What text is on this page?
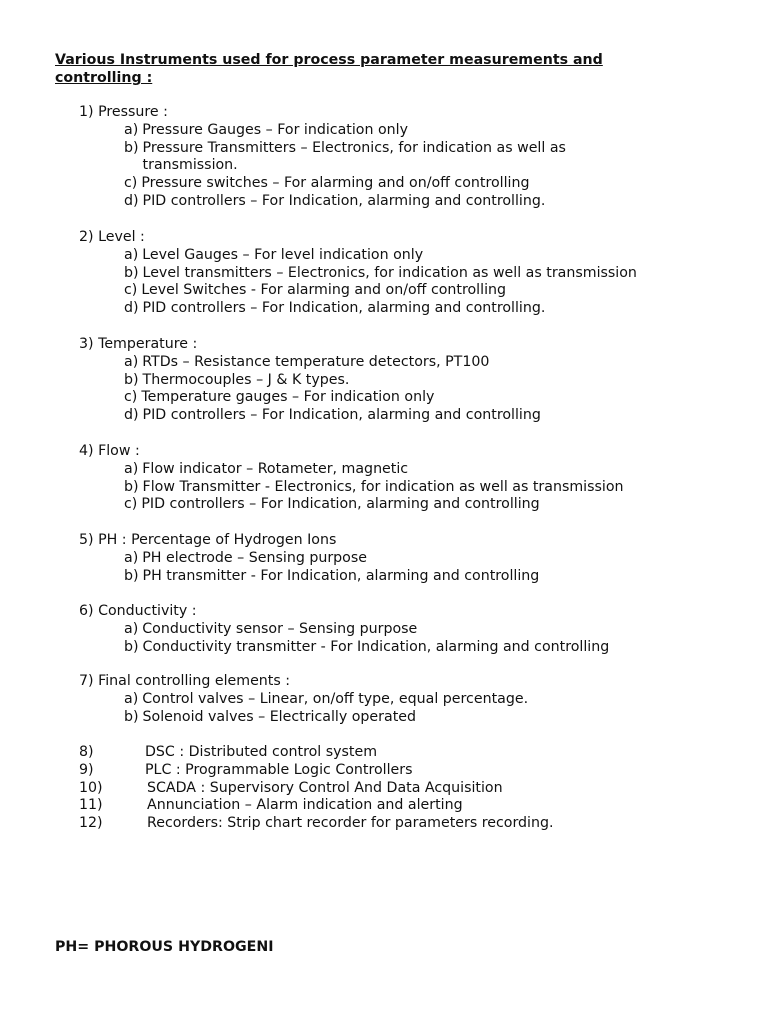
Various Instruments used for process parameter measurements and
controlling :
1) Pressure :
a) Pressure Gauges – For indication only
b) Pressure Transmitters – Electronics, for indication as well as transmission.
c) Pressure switches – For alarming and on/off controlling
d) PID controllers – For Indication, alarming and controlling.
2) Level :
a) Level Gauges – For level indication only
b) Level transmitters – Electronics, for indication as well as transmission
c) Level Switches - For alarming and on/off controlling
d) PID controllers – For Indication, alarming and controlling.
3) Temperature :
a) RTDs – Resistance temperature detectors, PT100
b) Thermocouples – J & K types.
c) Temperature gauges – For indication only
d) PID controllers – For Indication, alarming and controlling
4) Flow :
a) Flow indicator – Rotameter, magnetic
b) Flow Transmitter - Electronics, for indication as well as transmission
c) PID controllers – For Indication, alarming and controlling
5) PH : Percentage of Hydrogen Ions
a) PH electrode – Sensing purpose
b) PH transmitter - For Indication, alarming and controlling
6) Conductivity :
a) Conductivity sensor – Sensing purpose
b) Conductivity transmitter - For Indication, alarming and controlling
7) Final controlling elements :
a) Control valves – Linear, on/off type, equal percentage.
b) Solenoid valves – Electrically operated
8)	DSC : Distributed control system
9)	PLC : Programmable Logic Controllers
10)	SCADA : Supervisory Control And Data Acquisition
11)	Annunciation – Alarm indication and alerting
12)	Recorders: Strip chart recorder for parameters recording.
PH= PHOROUS HYDROGENI
